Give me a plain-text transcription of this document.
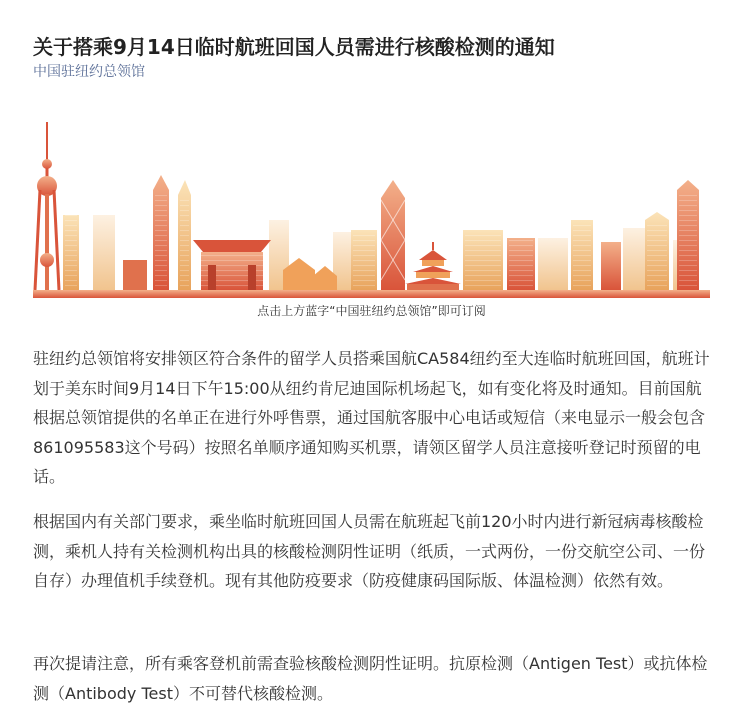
关于搭乘9月14日临时航班回国人员需进行核酸检测的通知
中国驻纽约总领馆
点击上方蓝字“中国驻纽约总领馆”即可订阅

驻纽约总领馆将安排领区符合条件的留学人员搭乘国航CA584纽约至大连临时航班回国，航班计划于美东时间9月14日下午15:00从纽约肯尼迪国际机场起飞，如有变化将及时通知。目前国航根据总领馆提供的名单正在进行外呼售票，通过国航客服中心电话或短信（来电显示一般会包含861095583这个号码）按照名单顺序通知购买机票，请领区留学人员注意接听登记时预留的电话。

根据国内有关部门要求，乘坐临时航班回国人员需在航班起飞前120小时内进行新冠病毒核酸检测，乘机人持有关检测机构出具的核酸检测阴性证明（纸质，一式两份，一份交航空公司、一份自存）办理值机手续登机。现有其他防疫要求（防疫健康码国际版、体温检测）依然有效。

再次提请注意，所有乘客登机前需查验核酸检测阴性证明。抗原检测（Antigen Test）或抗体检测（Antibody Test）不可替代核酸检测。
